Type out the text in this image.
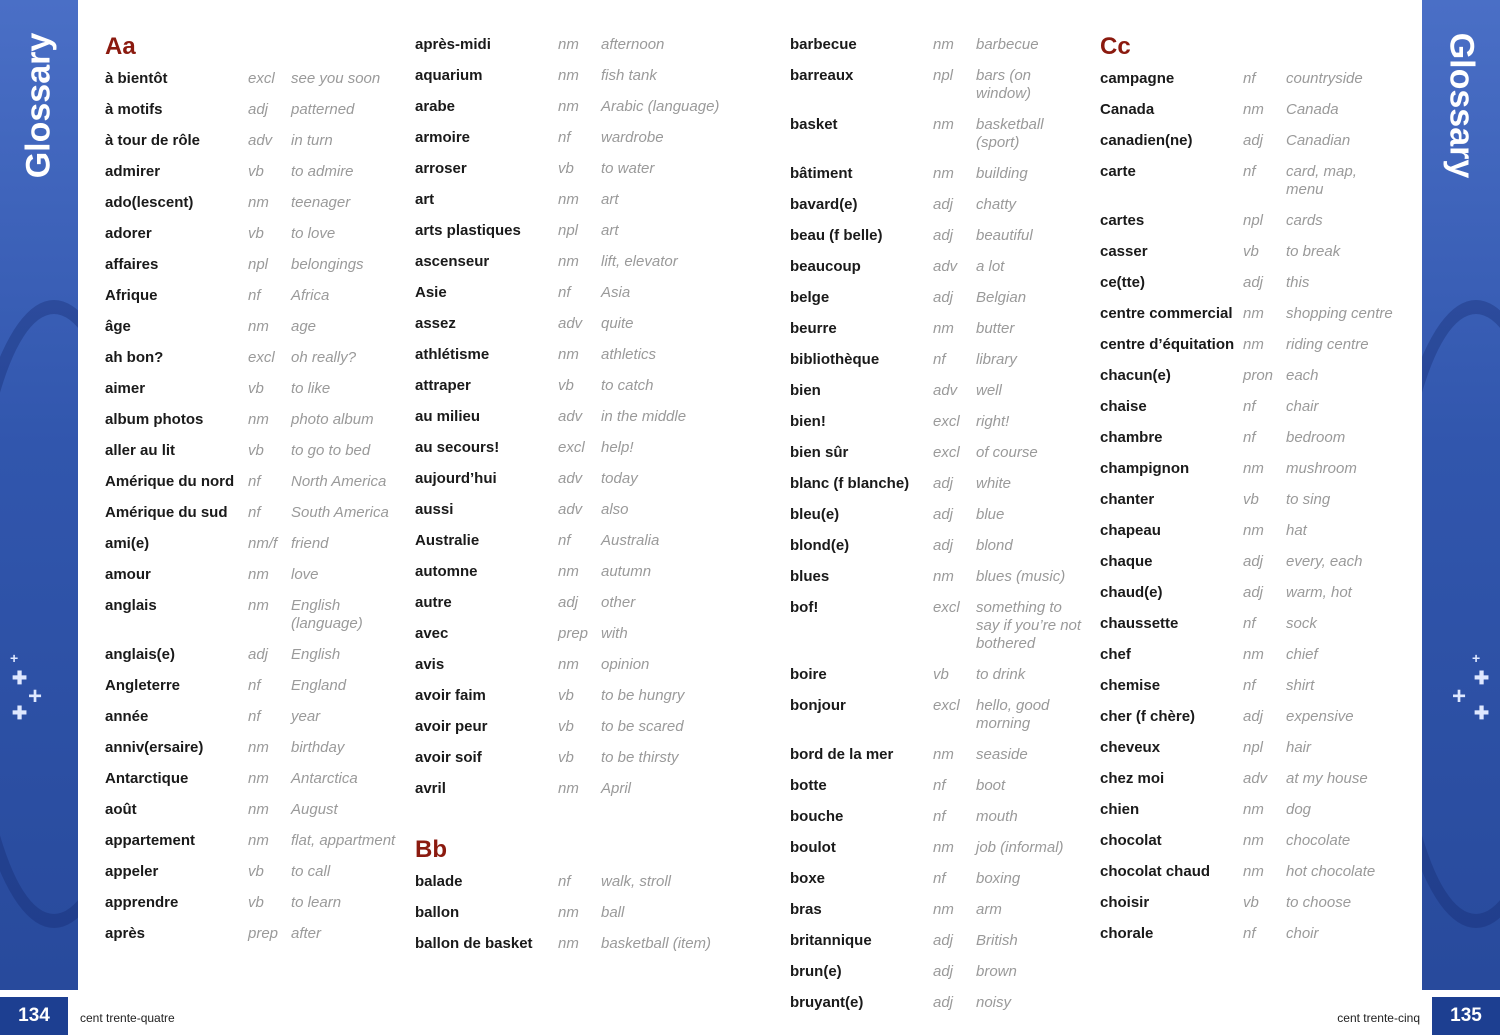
Glossary
+
✚
+
✚
Glossary
+
✚
+
✚
134	cent trente-quatre	135
cent trente-cinq
Aa
à bientôt	excl see you soon
à motifs	adj patterned
à tour de rôle	adv in turn
admirer	vb to admire
ado(lescent)	nm teenager
adorer	vb to love
affaires	npl belongings
Afrique	nf Africa
âge	nm age
ah bon?	excl oh really?
aimer	vb to like
album photos	nm photo album
aller au lit	vb to go to bed
Amérique du nord nf North America
Amérique du sud nf South America
ami(e)	nm/f friend
amour	nm love
anglais	nm English (language)
anglais(e)	adj English
Angleterre	nf England
année	nf year
anniv(ersaire)	nm birthday
Antarctique	nm Antarctica
août	nm August
appartement	nm flat, appartment
appeler	vb to call
apprendre	vb to learn
après	prep after
après-midi	nm afternoon
aquarium	nm fish tank
arabe	nm Arabic (language)
armoire	nf wardrobe
arroser	vb to water
art	nm art
arts plastiques npl art
ascenseur	nm lift, elevator
Asie	nf Asia
assez	adv quite
athlétisme	nm athletics
attraper	vb to catch
au milieu	adv in the middle
au secours!	excl help!
aujourd’hui	adv today
aussi	adv also
Australie	nf Australia
automne	nm autumn
autre	adj other
avec	prep with
avis	nm opinion
avoir faim	vb to be hungry
avoir peur	vb to be scared
avoir soif	vb to be thirsty
avril	nm April
Bb
balade	nf walk, stroll
ballon	nm ball
ballon de basket nm basketball (item)
barbecue	nm barbecue
barreaux	npl bars (on window)
basket	nm basketball (sport)
bâtiment	nm building
bavard(e)	adj chatty
beau (f belle)	adj beautiful
beaucoup	adv a lot
belge	adj Belgian
beurre	nm butter
bibliothèque	nf library
bien	adv well
bien!	excl right!
bien sûr	excl of course
blanc (f blanche) adj white
bleu(e)	adj blue
blond(e)	adj blond
blues	nm blues (music)
bof!	excl something to say if you’re not bothered
boire	vb to drink
bonjour	excl hello, good morning
bord de la mer	nm seaside
botte	nf boot
bouche	nf mouth
boulot	nm job (informal)
boxe	nf boxing
bras	nm arm
britannique	adj British
brun(e)	adj brown
bruyant(e)	adj noisy
Cc
campagne	nf countryside
Canada	nm Canada
canadien(ne)	adj Canadian
carte	nf card, map, menu
cartes	npl cards
casser	vb to break
ce(tte)	adj this
centre commercial nm shopping centre
centre d’équitation nm riding centre
chacun(e)	pron each
chaise	nf chair
chambre	nf bedroom
champignon	nm mushroom
chanter	vb to sing
chapeau	nm hat
chaque	adj every, each
chaud(e)	adj warm, hot
chaussette	nf sock
chef	nm chief
chemise	nf shirt
cher (f chère)	adj expensive
cheveux	npl hair
chez moi	adv at my house
chien	nm dog
chocolat	nm chocolate
chocolat chaud nm hot chocolate
choisir	vb to choose
chorale	nf choir
